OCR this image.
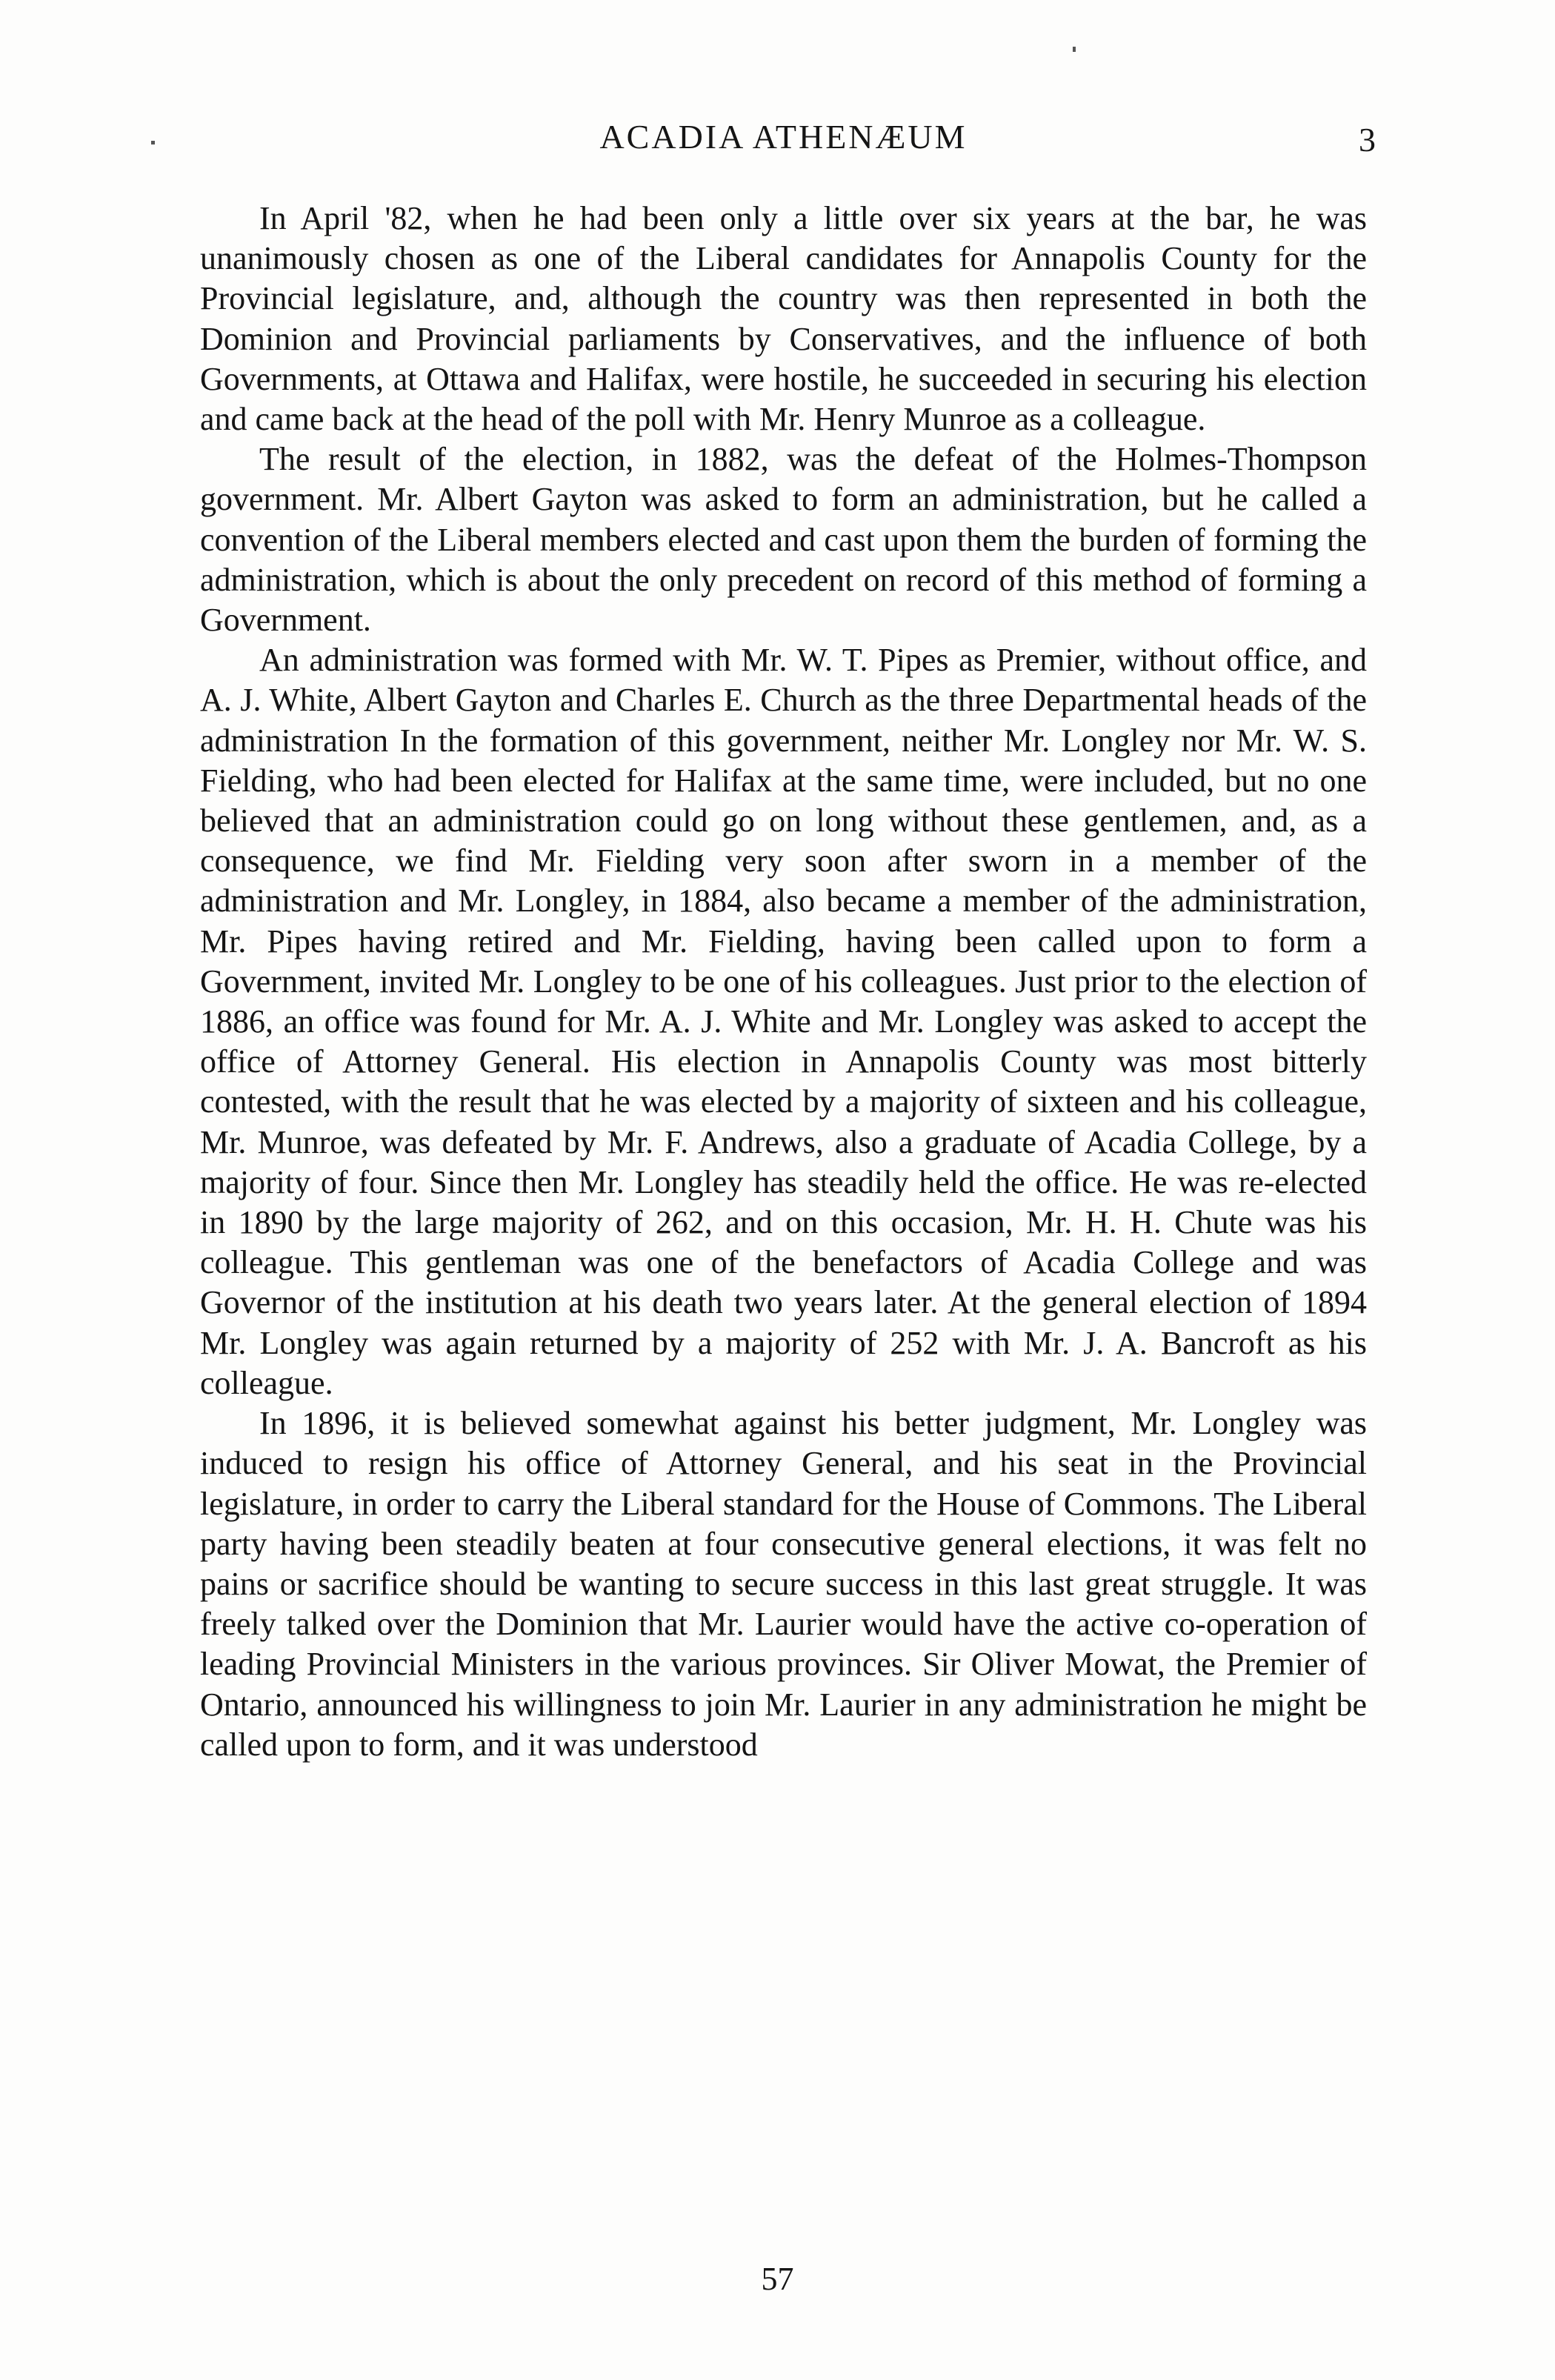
ACADIA ATHENÆUM	3

In April '82, when he had been only a little over six years at the bar, he was unanimously chosen as one of the Liberal candidates for Annapolis County for the Provincial legislature, and, although the country was then represented in both the Dominion and Provincial parliaments by Conservatives, and the influence of both Governments, at Ottawa and Halifax, were hostile, he succeeded in securing his election and came back at the head of the poll with Mr. Henry Munroe as a colleague.

The result of the election, in 1882, was the defeat of the Holmes-Thompson government. Mr. Albert Gayton was asked to form an administration, but he called a convention of the Liberal members elected and cast upon them the burden of forming the administration, which is about the only precedent on record of this method of forming a Government.

An administration was formed with Mr. W. T. Pipes as Premier, without office, and A. J. White, Albert Gayton and Charles E. Church as the three Departmental heads of the administration In the formation of this government, neither Mr. Longley nor Mr. W. S. Fielding, who had been elected for Halifax at the same time, were included, but no one believed that an administration could go on long without these gentlemen, and, as a consequence, we find Mr. Fielding very soon after sworn in a member of the administration and Mr. Longley, in 1884, also became a member of the administration, Mr. Pipes having retired and Mr. Fielding, having been called upon to form a Government, invited Mr. Longley to be one of his colleagues. Just prior to the election of 1886, an office was found for Mr. A. J. White and Mr. Longley was asked to accept the office of Attorney General. His election in Annapolis County was most bitterly contested, with the result that he was elected by a majority of sixteen and his colleague, Mr. Munroe, was defeated by Mr. F. Andrews, also a graduate of Acadia College, by a majority of four. Since then Mr. Longley has steadily held the office. He was re-elected in 1890 by the large majority of 262, and on this occasion, Mr. H. H. Chute was his colleague. This gentleman was one of the benefactors of Acadia College and was Governor of the institution at his death two years later. At the general election of 1894 Mr. Longley was again returned by a majority of 252 with Mr. J. A. Bancroft as his colleague.

In 1896, it is believed somewhat against his better judgment, Mr. Longley was induced to resign his office of Attorney General, and his seat in the Provincial legislature, in order to carry the Liberal standard for the House of Commons. The Liberal party having been steadily beaten at four consecutive general elections, it was felt no pains or sacrifice should be wanting to secure success in this last great struggle. It was freely talked over the Dominion that Mr. Laurier would have the active co-operation of leading Provincial Ministers in the various provinces. Sir Oliver Mowat, the Premier of Ontario, announced his willingness to join Mr. Laurier in any administration he might be called upon to form, and it was understood

57
